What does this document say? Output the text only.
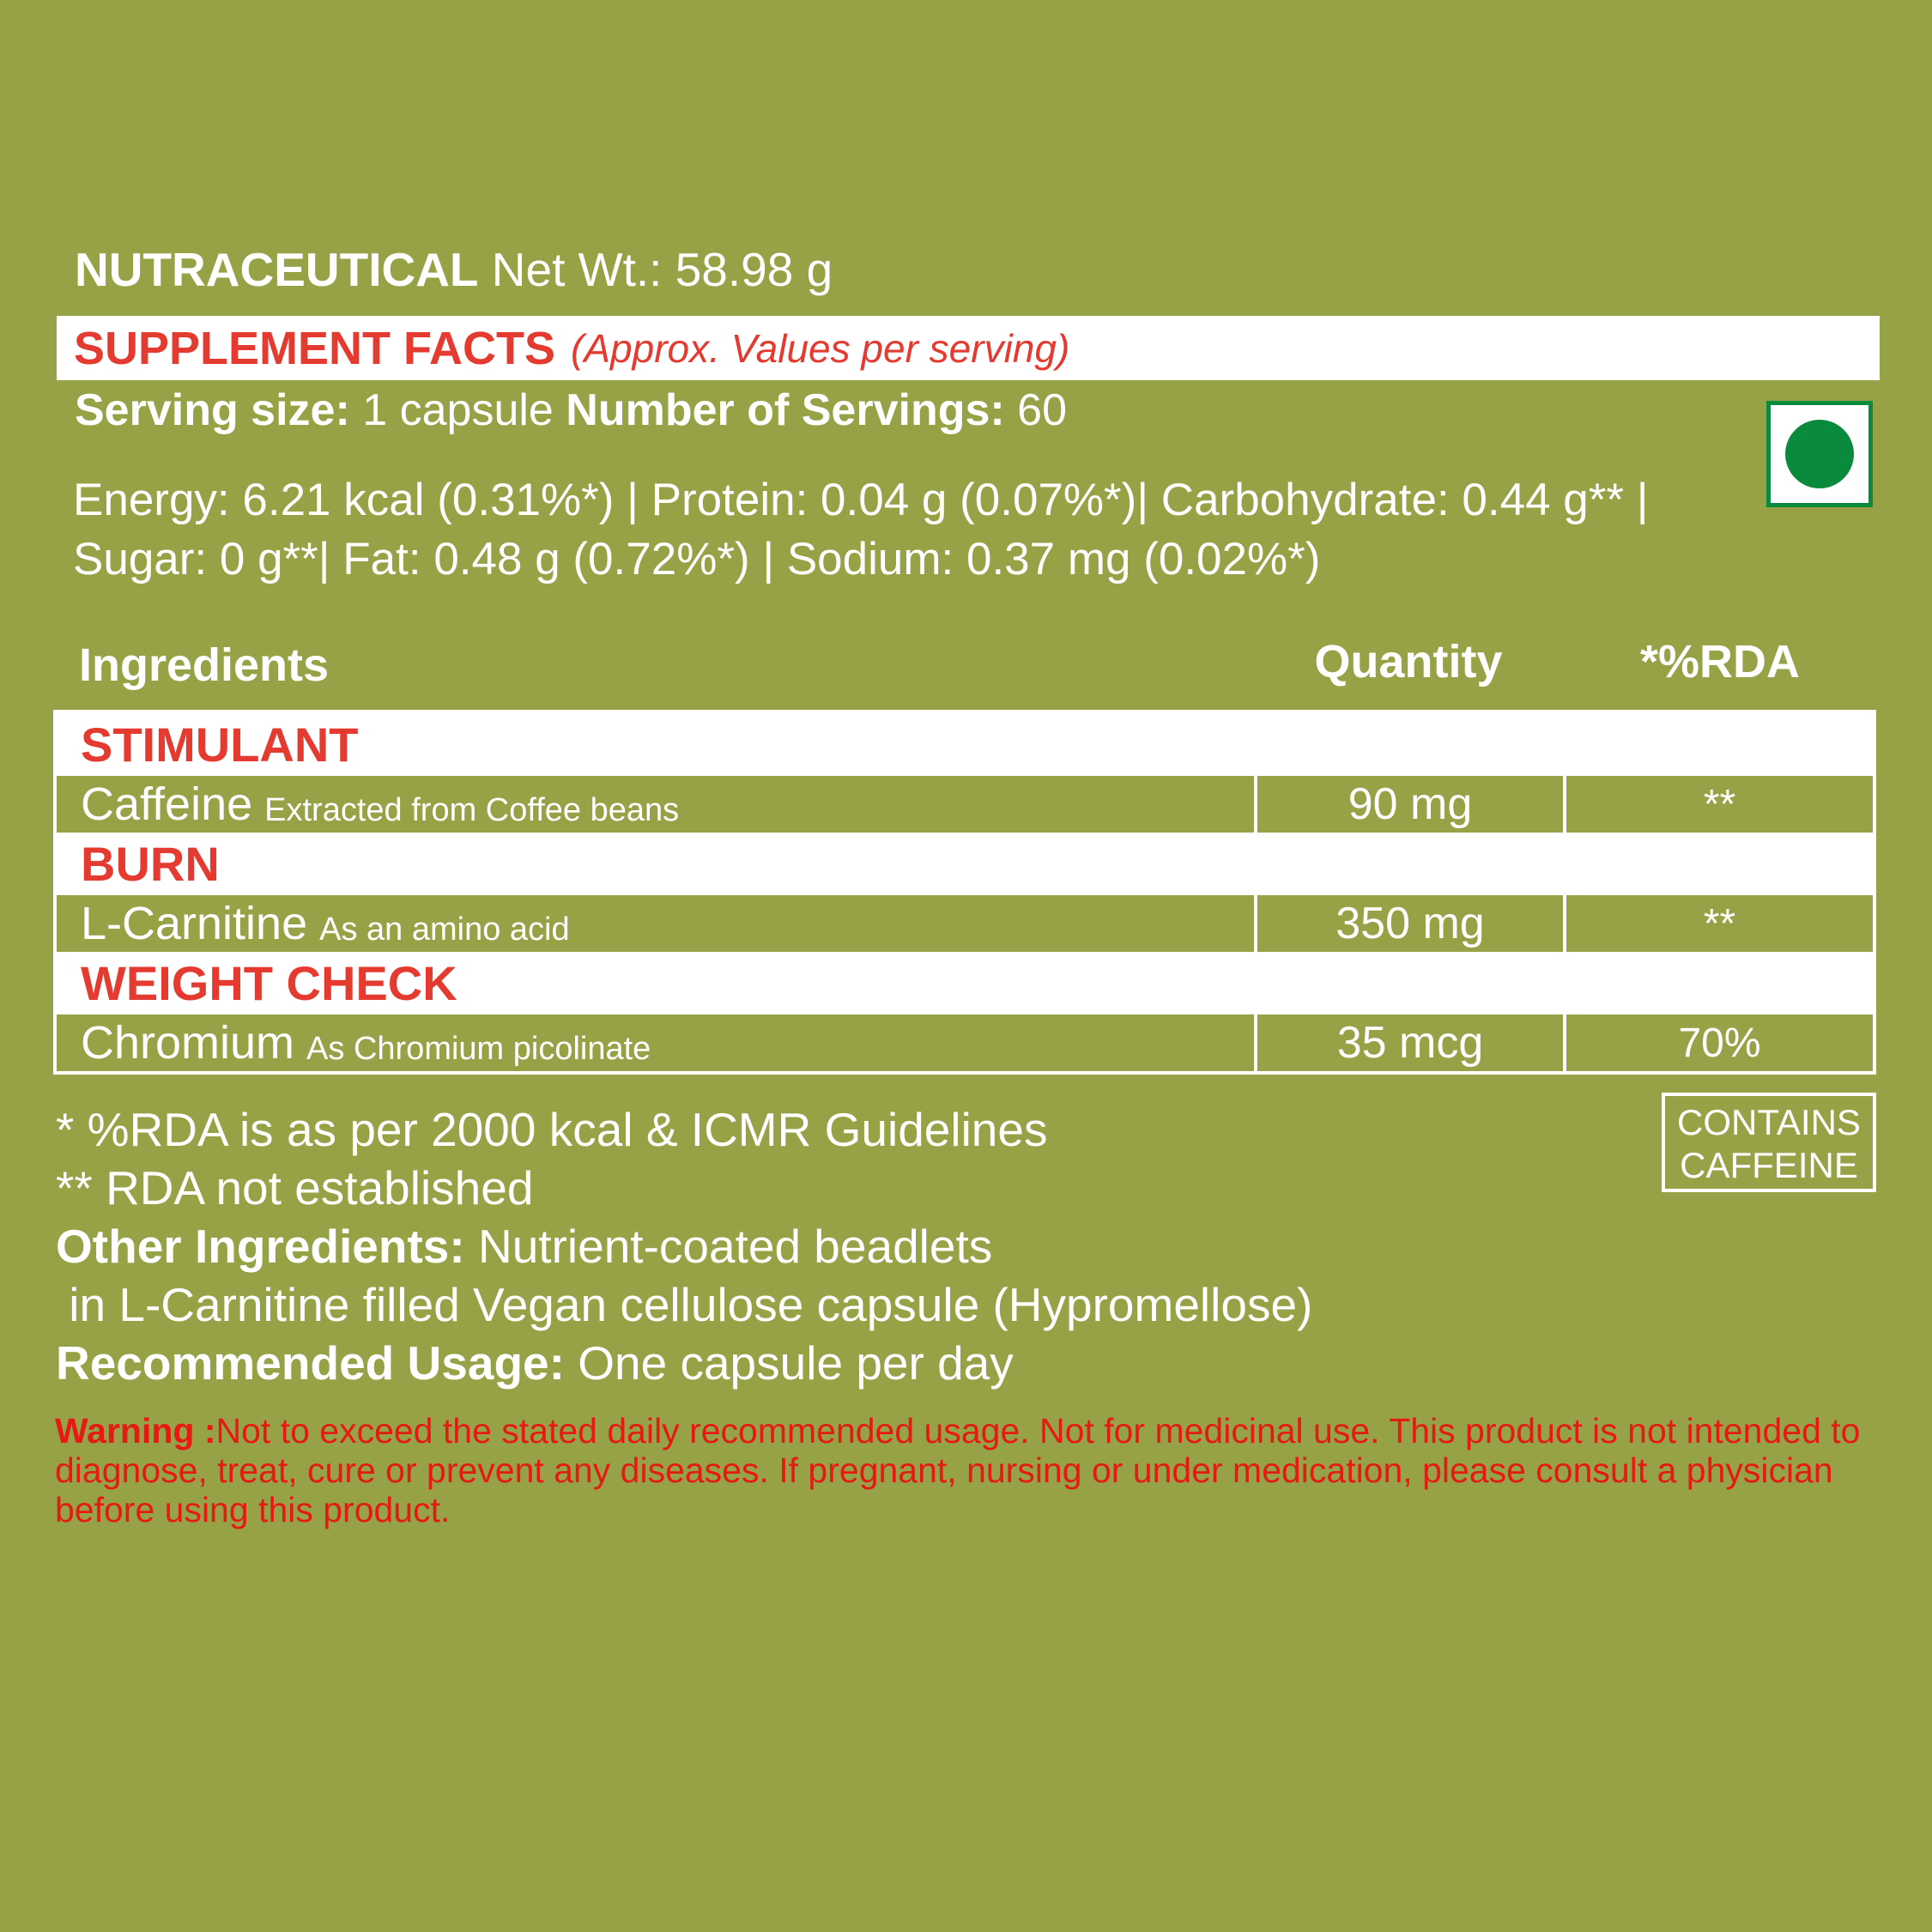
NUTRACEUTICAL Net Wt.: 58.98 g
SUPPLEMENT FACTS (Approx. Values per serving)
Serving size: 1 capsule Number of Servings: 60
Energy: 6.21 kcal (0.31%*) | Protein: 0.04 g (0.07%*)| Carbohydrate: 0.44 g** |
Sugar: 0 g**| Fat: 0.48 g (0.72%*) | Sodium: 0.37 mg (0.02%*)
Ingredients	Quantity	*%RDA
STIMULANT
Caffeine Extracted from Coffee beans	90 mg	**
BURN
L-Carnitine As an amino acid	350 mg	**
WEIGHT CHECK
Chromium As Chromium picolinate	35 mcg	70%
CONTAINS
CAFFEINE
* %RDA is as per 2000 kcal & ICMR Guidelines
** RDA not established
Other Ingredients: Nutrient-coated beadlets
in L-Carnitine filled Vegan cellulose capsule (Hypromellose)
Recommended Usage: One capsule per day
Warning :Not to exceed the stated daily recommended usage. Not for medicinal use. This product is not intended to diagnose, treat, cure or prevent any diseases. If pregnant, nursing or under medication, please consult a physician before using this product.
